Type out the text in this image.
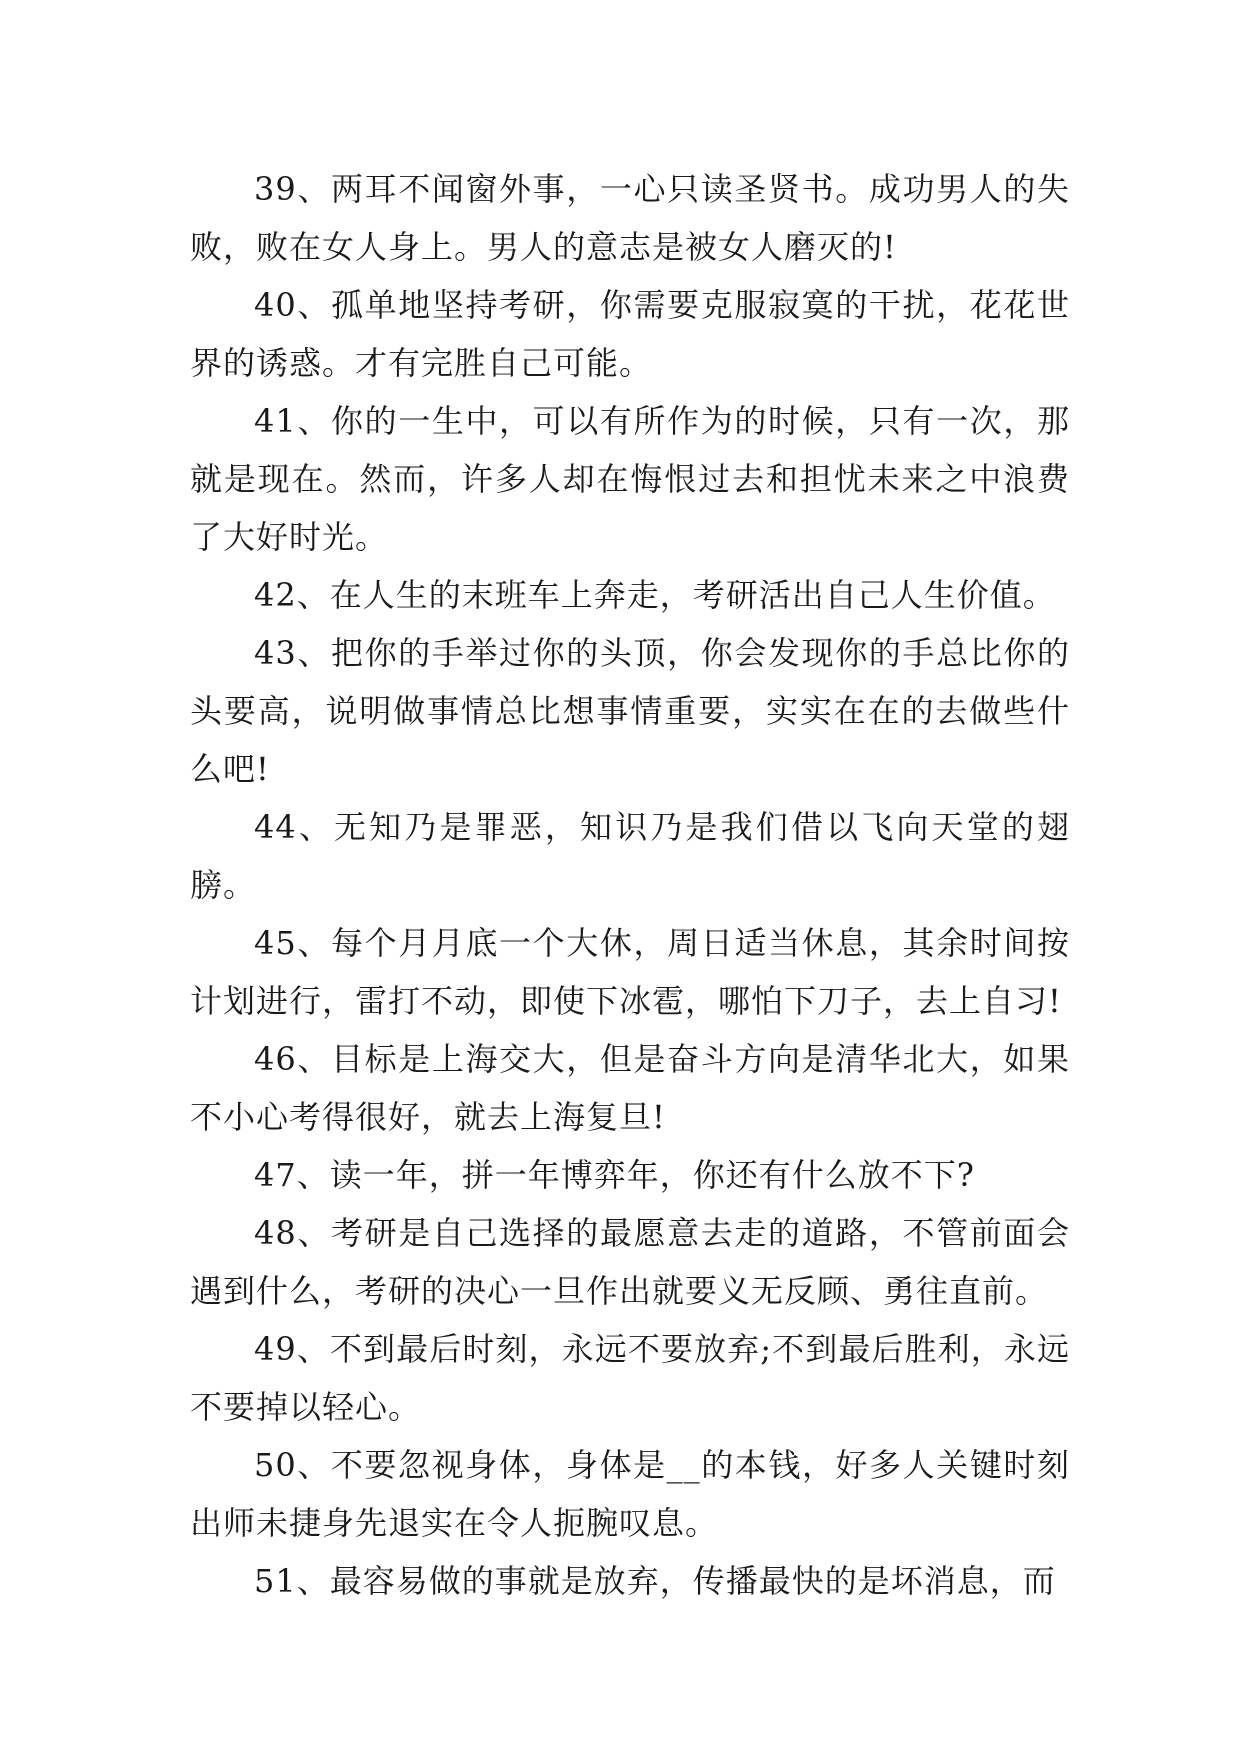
39、两耳不闻窗外事，一心只读圣贤书。成功男人的失败，败在女人身上。男人的意志是被女人磨灭的!

40、孤单地坚持考研，你需要克服寂寞的干扰，花花世界的诱惑。才有完胜自己可能。

41、你的一生中，可以有所作为的时候，只有一次，那就是现在。然而，许多人却在悔恨过去和担忧未来之中浪费了大好时光。

42、在人生的末班车上奔走，考研活出自己人生价值。

43、把你的手举过你的头顶，你会发现你的手总比你的头要高，说明做事情总比想事情重要，实实在在的去做些什么吧!

44、无知乃是罪恶，知识乃是我们借以飞向天堂的翅膀。

45、每个月月底一个大休，周日适当休息，其余时间按计划进行，雷打不动，即使下冰雹，哪怕下刀子，去上自习!

46、目标是上海交大，但是奋斗方向是清华北大，如果不小心考得很好，就去上海复旦!

47、读一年，拼一年博弈年，你还有什么放不下?

48、考研是自己选择的最愿意去走的道路，不管前面会遇到什么，考研的决心一旦作出就要义无反顾、勇往直前。

49、不到最后时刻，永远不要放弃;不到最后胜利，永远不要掉以轻心。

50、不要忽视身体，身体是__的本钱，好多人关键时刻出师未捷身先退实在令人扼腕叹息。

51、最容易做的事就是放弃，传播最快的是坏消息，而
